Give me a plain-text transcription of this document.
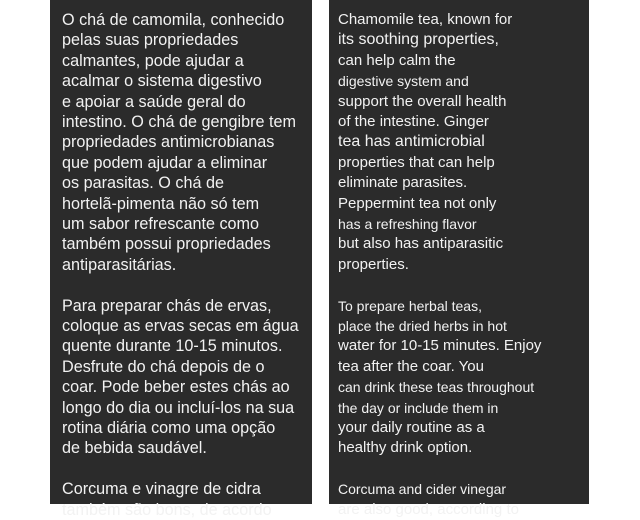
O chá de camomila, conhecido
pelas suas propriedades
calmantes, pode ajudar a
acalmar o sistema digestivo
e apoiar a saúde geral do
intestino. O chá de gengibre tem
propriedades antimicrobianas
que podem ajudar a eliminar
os parasitas. O chá de
hortelã-pimenta não só tem
um sabor refrescante como
também possui propriedades
antiparasitárias.
Para preparar chás de ervas,
coloque as ervas secas em água
quente durante 10-15 minutos.
Desfrute do chá depois de o
coar. Pode beber estes chás ao
longo do dia ou incluí-los na sua
rotina diária como uma opção
de bebida saudável.
Corcuma e vinagre de cidra
também são bons, de acordo
Chamomile tea, known for
its soothing properties,
can help calm the
digestive system and
support the overall health
of the intestine. Ginger
tea has antimicrobial
properties that can help
eliminate parasites.
Peppermint tea not only
has a refreshing flavor
but also has antiparasitic
properties.
To prepare herbal teas,
place the dried herbs in hot
water for 10-15 minutes. Enjoy
tea after the coar. You
can drink these teas throughout
the day or include them in
your daily routine as a
healthy drink option.
Corcuma and cider vinegar
are also good, according to
